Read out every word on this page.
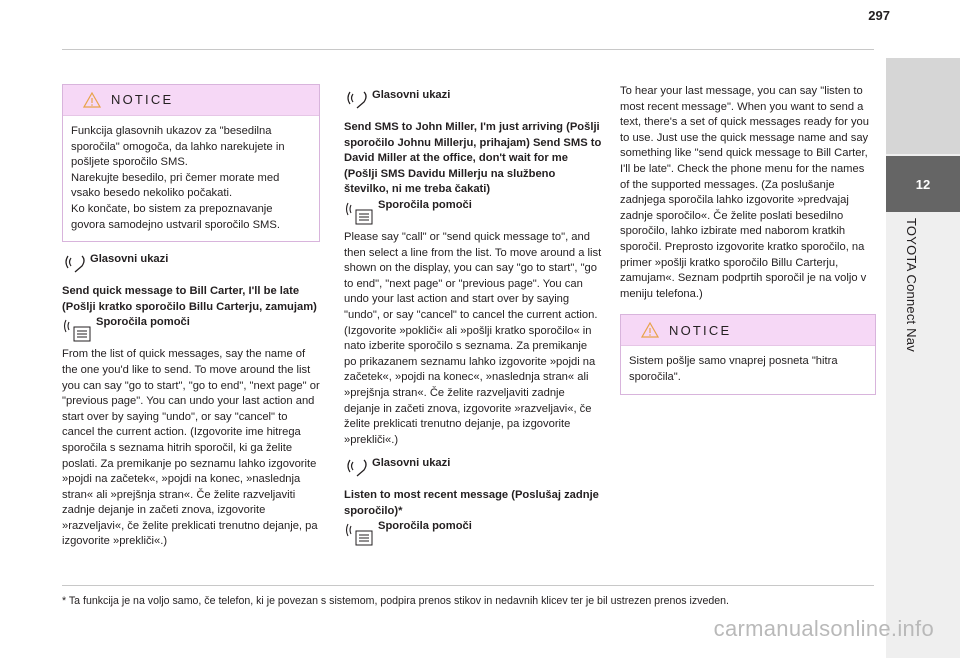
297
12
TOYOTA Connect Nav
NOTICE

Funkcija glasovnih ukazov za "besedilna

sporočila" omogoča, da lahko narekujete in

pošljete sporočilo SMS.

Narekujte besedilo, pri čemer morate med

vsako besedo nekoliko počakati.

Ko končate, bo sistem za prepoznavanje

govora samodejno ustvaril sporočilo SMS.

Glasovni ukazi
Send quick message to Bill Carter, I'll be late (Pošlji kratko sporočilo Billu Carterju, zamujam)
Sporočila pomoči
From the list of quick messages, say the name of the one you'd like to send. To move around the list you can say "go to start", "go to end", "next page" or "previous page". You can undo your last action and start over by saying "undo", or say "cancel" to cancel the current action. (Izgovorite ime hitrega sporočila s seznama hitrih sporočil, ki ga želite poslati. Za premikanje po seznamu lahko izgovorite »pojdi na začetek«, »pojdi na konec, »naslednja stran« ali »prejšnja stran«. Če želite razveljaviti zadnje dejanje in začeti znova, izgovorite »razveljavi«, če želite preklicati trenutno dejanje, pa izgovorite »prekliči«.)
Glasovni ukazi
Send SMS to John Miller, I'm just arriving (Pošlji sporočilo Johnu Millerju, prihajam) Send SMS to David Miller at the office, don't wait for me (Pošlji SMS Davidu Millerju na službeno številko, ni me treba čakati)
Sporočila pomoči
Please say "call" or "send quick message to", and then select a line from the list. To move around a list shown on the display, you can say "go to start", "go to end", "next page" or "previous page". You can undo your last action and start over by saying "undo", or say "cancel" to cancel the current action. (Izgovorite »pokliči« ali »pošlji kratko sporočilo« in nato izberite sporočilo s seznama. Za premikanje po prikazanem seznamu lahko izgovorite »pojdi na začetek«, »pojdi na konec«, »naslednja stran« ali »prejšnja stran«. Če želite razveljaviti zadnje dejanje in začeti znova, izgovorite »razveljavi«, če želite preklicati trenutno dejanje, pa izgovorite »prekliči«.)
Glasovni ukazi
Listen to most recent message (Poslušaj zadnje sporočilo)*
Sporočila pomoči
To hear your last message, you can say "listen to most recent message". When you want to send a text, there's a set of quick messages ready for you to use. Just use the quick message name and say something like "send quick message to Bill Carter, I'll be late". Check the phone menu for the names of the supported messages. (Za poslušanje zadnjega sporočila lahko izgovorite »predvajaj zadnje sporočilo«. Če želite poslati besedilno sporočilo, lahko izbirate med naborom kratkih sporočil. Preprosto izgovorite kratko sporočilo, na primer »pošlji kratko sporočilo Billu Carterju, zamujam«. Seznam podprtih sporočil je na voljo v meniju telefona.)
NOTICE

Sistem pošlje samo vnaprej posneta "hitra sporočila".

* Ta funkcija je na voljo samo, če telefon, ki je povezan s sistemom, podpira prenos stikov in nedavnih klicev ter je bil ustrezen prenos izveden.
carmanualsonline.info
